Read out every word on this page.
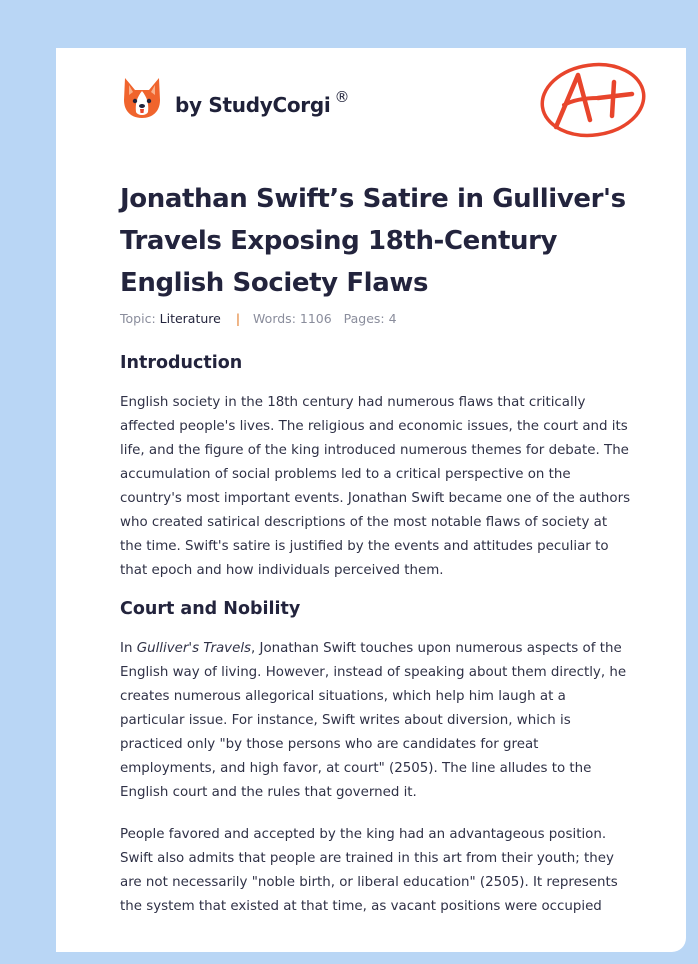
by StudyCorgi ®
Jonathan Swift’s Satire in Gulliver's Travels Exposing 18th-Century English Society Flaws
Topic: Literature | Words: 1106 Pages: 4
Introduction

English society in the 18th century had numerous flaws that critically affected people's lives. The religious and economic issues, the court and its life, and the figure of the king introduced numerous themes for debate. The accumulation of social problems led to a critical perspective on the country's most important events. Jonathan Swift became one of the authors who created satirical descriptions of the most notable flaws of society at the time. Swift's satire is justified by the events and attitudes peculiar to that epoch and how individuals perceived them.

Court and Nobility

In Gulliver's Travels, Jonathan Swift touches upon numerous aspects of the English way of living. However, instead of speaking about them directly, he creates numerous allegorical situations, which help him laugh at a particular issue. For instance, Swift writes about diversion, which is practiced only "by those persons who are candidates for great employments, and high favor, at court" (2505). The line alludes to the English court and the rules that governed it.

People favored and accepted by the king had an advantageous position. Swift also admits that people are trained in this art from their youth; they are not necessarily "noble birth, or liberal education" (2505). It represents the system that existed at that time, as vacant positions were occupied
